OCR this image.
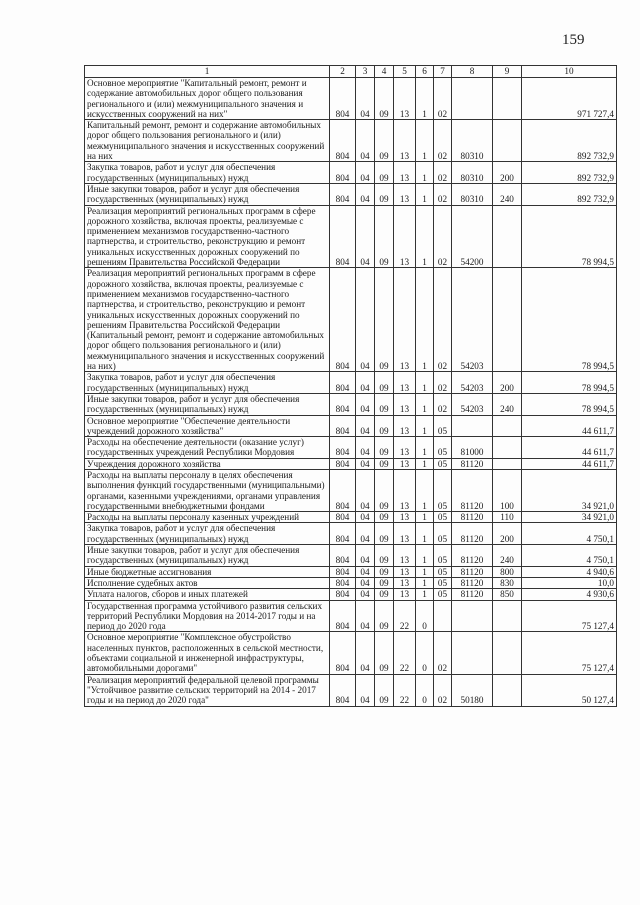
159
1	2	3	4	5	6	7	8	9	10
Основное мероприятие "Капитальный ремонт, ремонт и содержание автомобильных дорог общего пользования регионального и (или) межмуниципального значения и искусственных сооружений на них"	804	04	09	13	1	02			971 727,4
Капитальный ремонт, ремонт и содержание автомобильных дорог общего пользования регионального и (или) межмуниципального значения и искусственных сооружений на них	804	04	09	13	1	02	80310		892 732,9
Закупка товаров, работ и услуг для обеспечения государственных (муниципальных) нужд	804	04	09	13	1	02	80310	200	892 732,9
Иные закупки товаров, работ и услуг для обеспечения государственных (муниципальных) нужд	804	04	09	13	1	02	80310	240	892 732,9
Реализация мероприятий региональных программ в сфере дорожного хозяйства, включая проекты, реализуемые с применением механизмов государственно-частного партнерства, и строительство, реконструкцию и ремонт уникальных искусственных дорожных сооружений по решениям Правительства Российской Федерации	804	04	09	13	1	02	54200		78 994,5
Реализация мероприятий региональных программ в сфере дорожного хозяйства, включая проекты, реализуемые с применением механизмов государственно-частного партнерства, и строительство, реконструкцию и ремонт уникальных искусственных дорожных сооружений по решениям Правительства Российской Федерации (Капитальный ремонт, ремонт и содержание автомобильных дорог общего пользования регионального и (или) межмуниципального значения и искусственных сооружений на них)	804	04	09	13	1	02	54203		78 994,5
Закупка товаров, работ и услуг для обеспечения государственных (муниципальных) нужд	804	04	09	13	1	02	54203	200	78 994,5
Иные закупки товаров, работ и услуг для обеспечения государственных (муниципальных) нужд	804	04	09	13	1	02	54203	240	78 994,5
Основное мероприятие "Обеспечение деятельности учреждений дорожного хозяйства"	804	04	09	13	1	05			44 611,7
Расходы на обеспечение деятельности (оказание услуг) государственных учреждений Республики Мордовия	804	04	09	13	1	05	81000		44 611,7
Учреждения дорожного хозяйства	804	04	09	13	1	05	81120		44 611,7
Расходы на выплаты персоналу в целях обеспечения выполнения функций государственными (муниципальными) органами, казенными учреждениями, органами управления государственными внебюджетными фондами	804	04	09	13	1	05	81120	100	34 921,0
Расходы на выплаты персоналу казенных учреждений	804	04	09	13	1	05	81120	110	34 921,0
Закупка товаров, работ и услуг для обеспечения государственных (муниципальных) нужд	804	04	09	13	1	05	81120	200	4 750,1
Иные закупки товаров, работ и услуг для обеспечения государственных (муниципальных) нужд	804	04	09	13	1	05	81120	240	4 750,1
Иные бюджетные ассигнования	804	04	09	13	1	05	81120	800	4 940,6
Исполнение судебных актов	804	04	09	13	1	05	81120	830	10,0
Уплата налогов, сборов и иных платежей	804	04	09	13	1	05	81120	850	4 930,6
Государственная программа устойчивого развития сельских территорий Республики Мордовия на 2014-2017 годы и на период до 2020 года	804	04	09	22	0				75 127,4
Основное мероприятие "Комплексное обустройство населенных пунктов, расположенных в сельской местности, объектами социальной и инженерной инфраструктуры, автомобильными дорогами"	804	04	09	22	0	02			75 127,4
Реализация мероприятий федеральной целевой программы "Устойчивое развитие сельских территорий на 2014 - 2017 годы и на период до 2020 года"	804	04	09	22	0	02	50180		50 127,4
